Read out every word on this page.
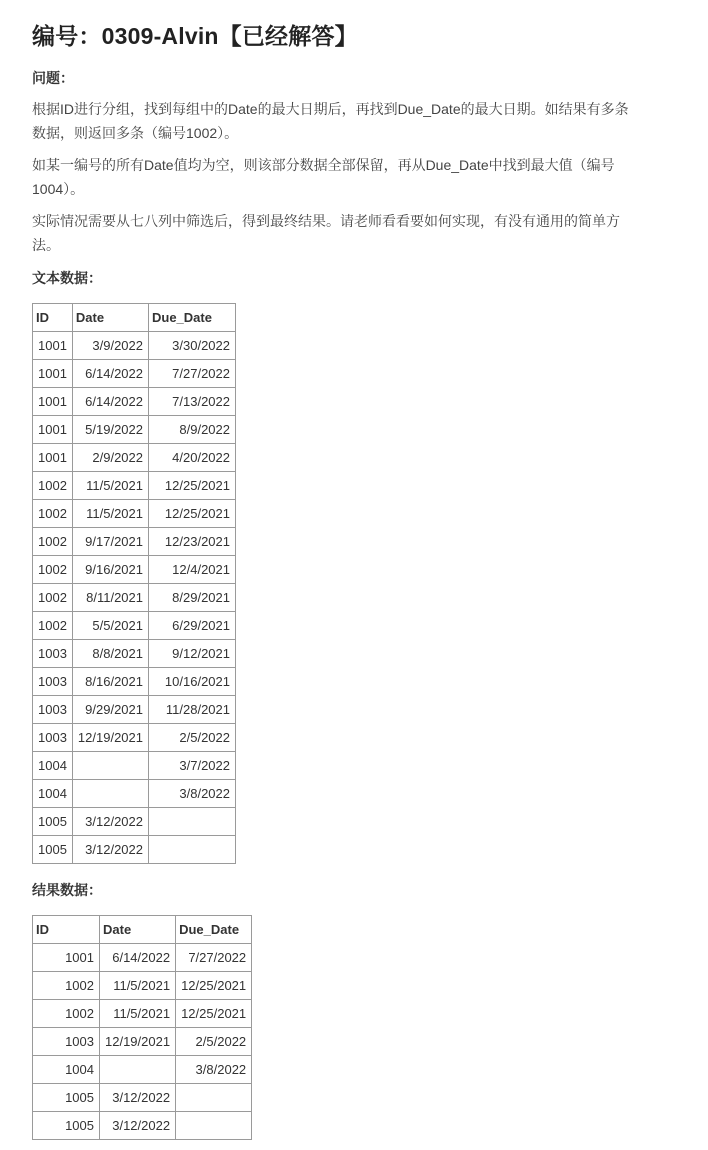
编号：0309-Alvin【已经解答】

问题：

根据ID进行分组，找到每组中的Date的最大日期后，再找到Due_Date的最大日期。如结果有多条数据，则返回多条（编号1002）。

如某一编号的所有Date值均为空，则该部分数据全部保留，再从Due_Date中找到最大值（编号1004）。

实际情况需要从七八列中筛选后，得到最终结果。请老师看看要如何实现，有没有通用的简单方法。

文本数据：

ID	Date	Due_Date
1001	3/9/2022	3/30/2022
1001	6/14/2022	7/27/2022
1001	6/14/2022	7/13/2022
1001	5/19/2022	8/9/2022
1001	2/9/2022	4/20/2022
1002	11/5/2021	12/25/2021
1002	11/5/2021	12/25/2021
1002	9/17/2021	12/23/2021
1002	9/16/2021	12/4/2021
1002	8/11/2021	8/29/2021
1002	5/5/2021	6/29/2021
1003	8/8/2021	9/12/2021
1003	8/16/2021	10/16/2021
1003	9/29/2021	11/28/2021
1003	12/19/2021	2/5/2022
1004		3/7/2022
1004		3/8/2022
1005	3/12/2022	
1005	3/12/2022	

结果数据：

ID	Date	Due_Date
1001	6/14/2022	7/27/2022
1002	11/5/2021	12/25/2021
1002	11/5/2021	12/25/2021
1003	12/19/2021	2/5/2022
1004		3/8/2022
1005	3/12/2022	
1005	3/12/2022	
